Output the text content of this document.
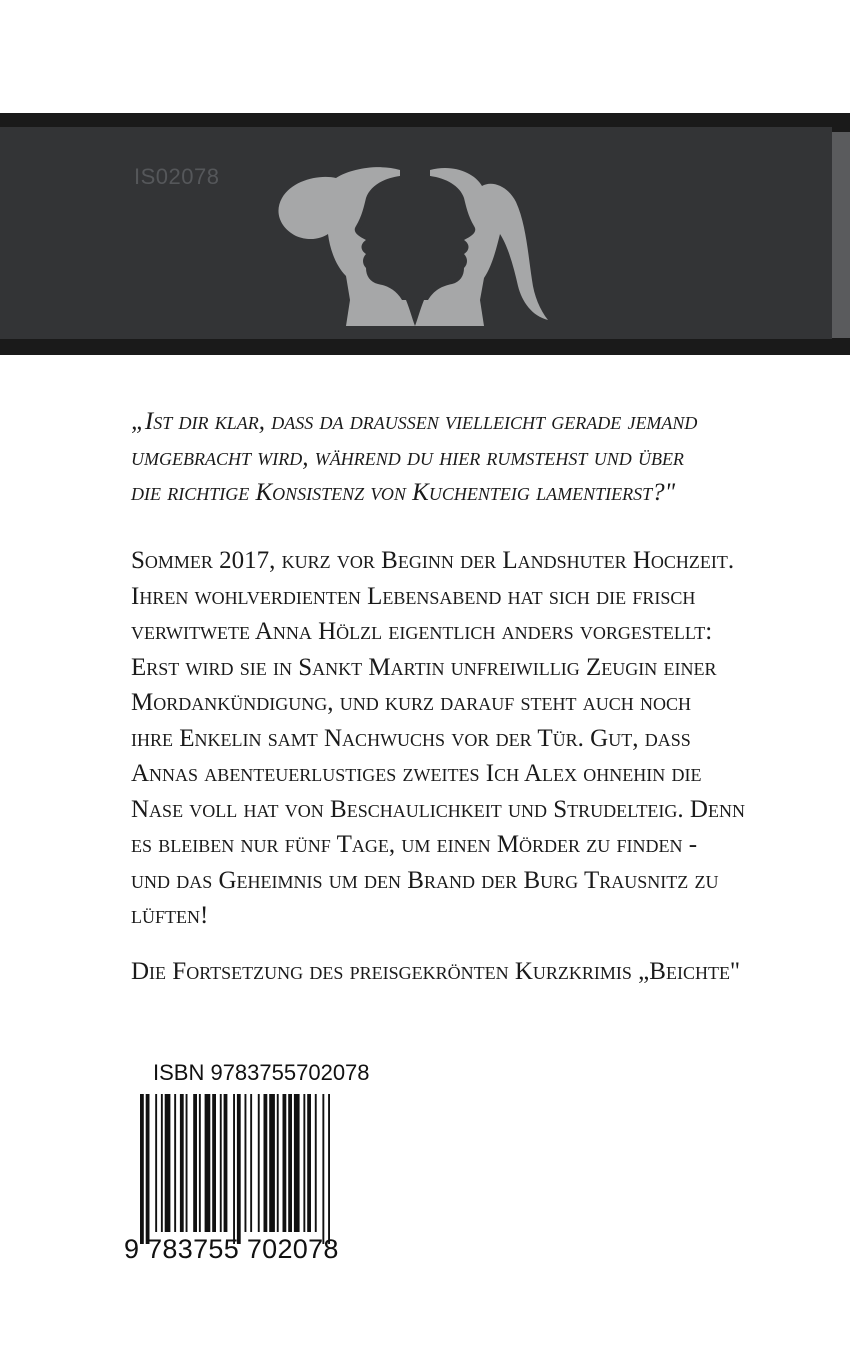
IS02078
„Ist dir klar, dass da draussen vielleicht gerade jemand
umgebracht wird, während du hier rumstehst und über
die richtige Konsistenz von Kuchenteig lamentierst?"
Sommer 2017, kurz vor Beginn der Landshuter Hochzeit.
Ihren wohlverdienten Lebensabend hat sich die frisch
verwitwete Anna Hölzl eigentlich anders vorgestellt:
Erst wird sie in Sankt Martin unfreiwillig Zeugin einer
Mordankündigung, und kurz darauf steht auch noch
ihre Enkelin samt Nachwuchs vor der Tür. Gut, dass
Annas abenteuerlustiges zweites Ich Alex ohnehin die
Nase voll hat von Beschaulichkeit und Strudelteig. Denn
es bleiben nur fünf Tage, um einen Mörder zu finden -
und das Geheimnis um den Brand der Burg Trausnitz zu
lüften!
Die Fortsetzung des preisgekrönten Kurzkrimis „Beichte"
ISBN 9783755702078
9 783755 702078
